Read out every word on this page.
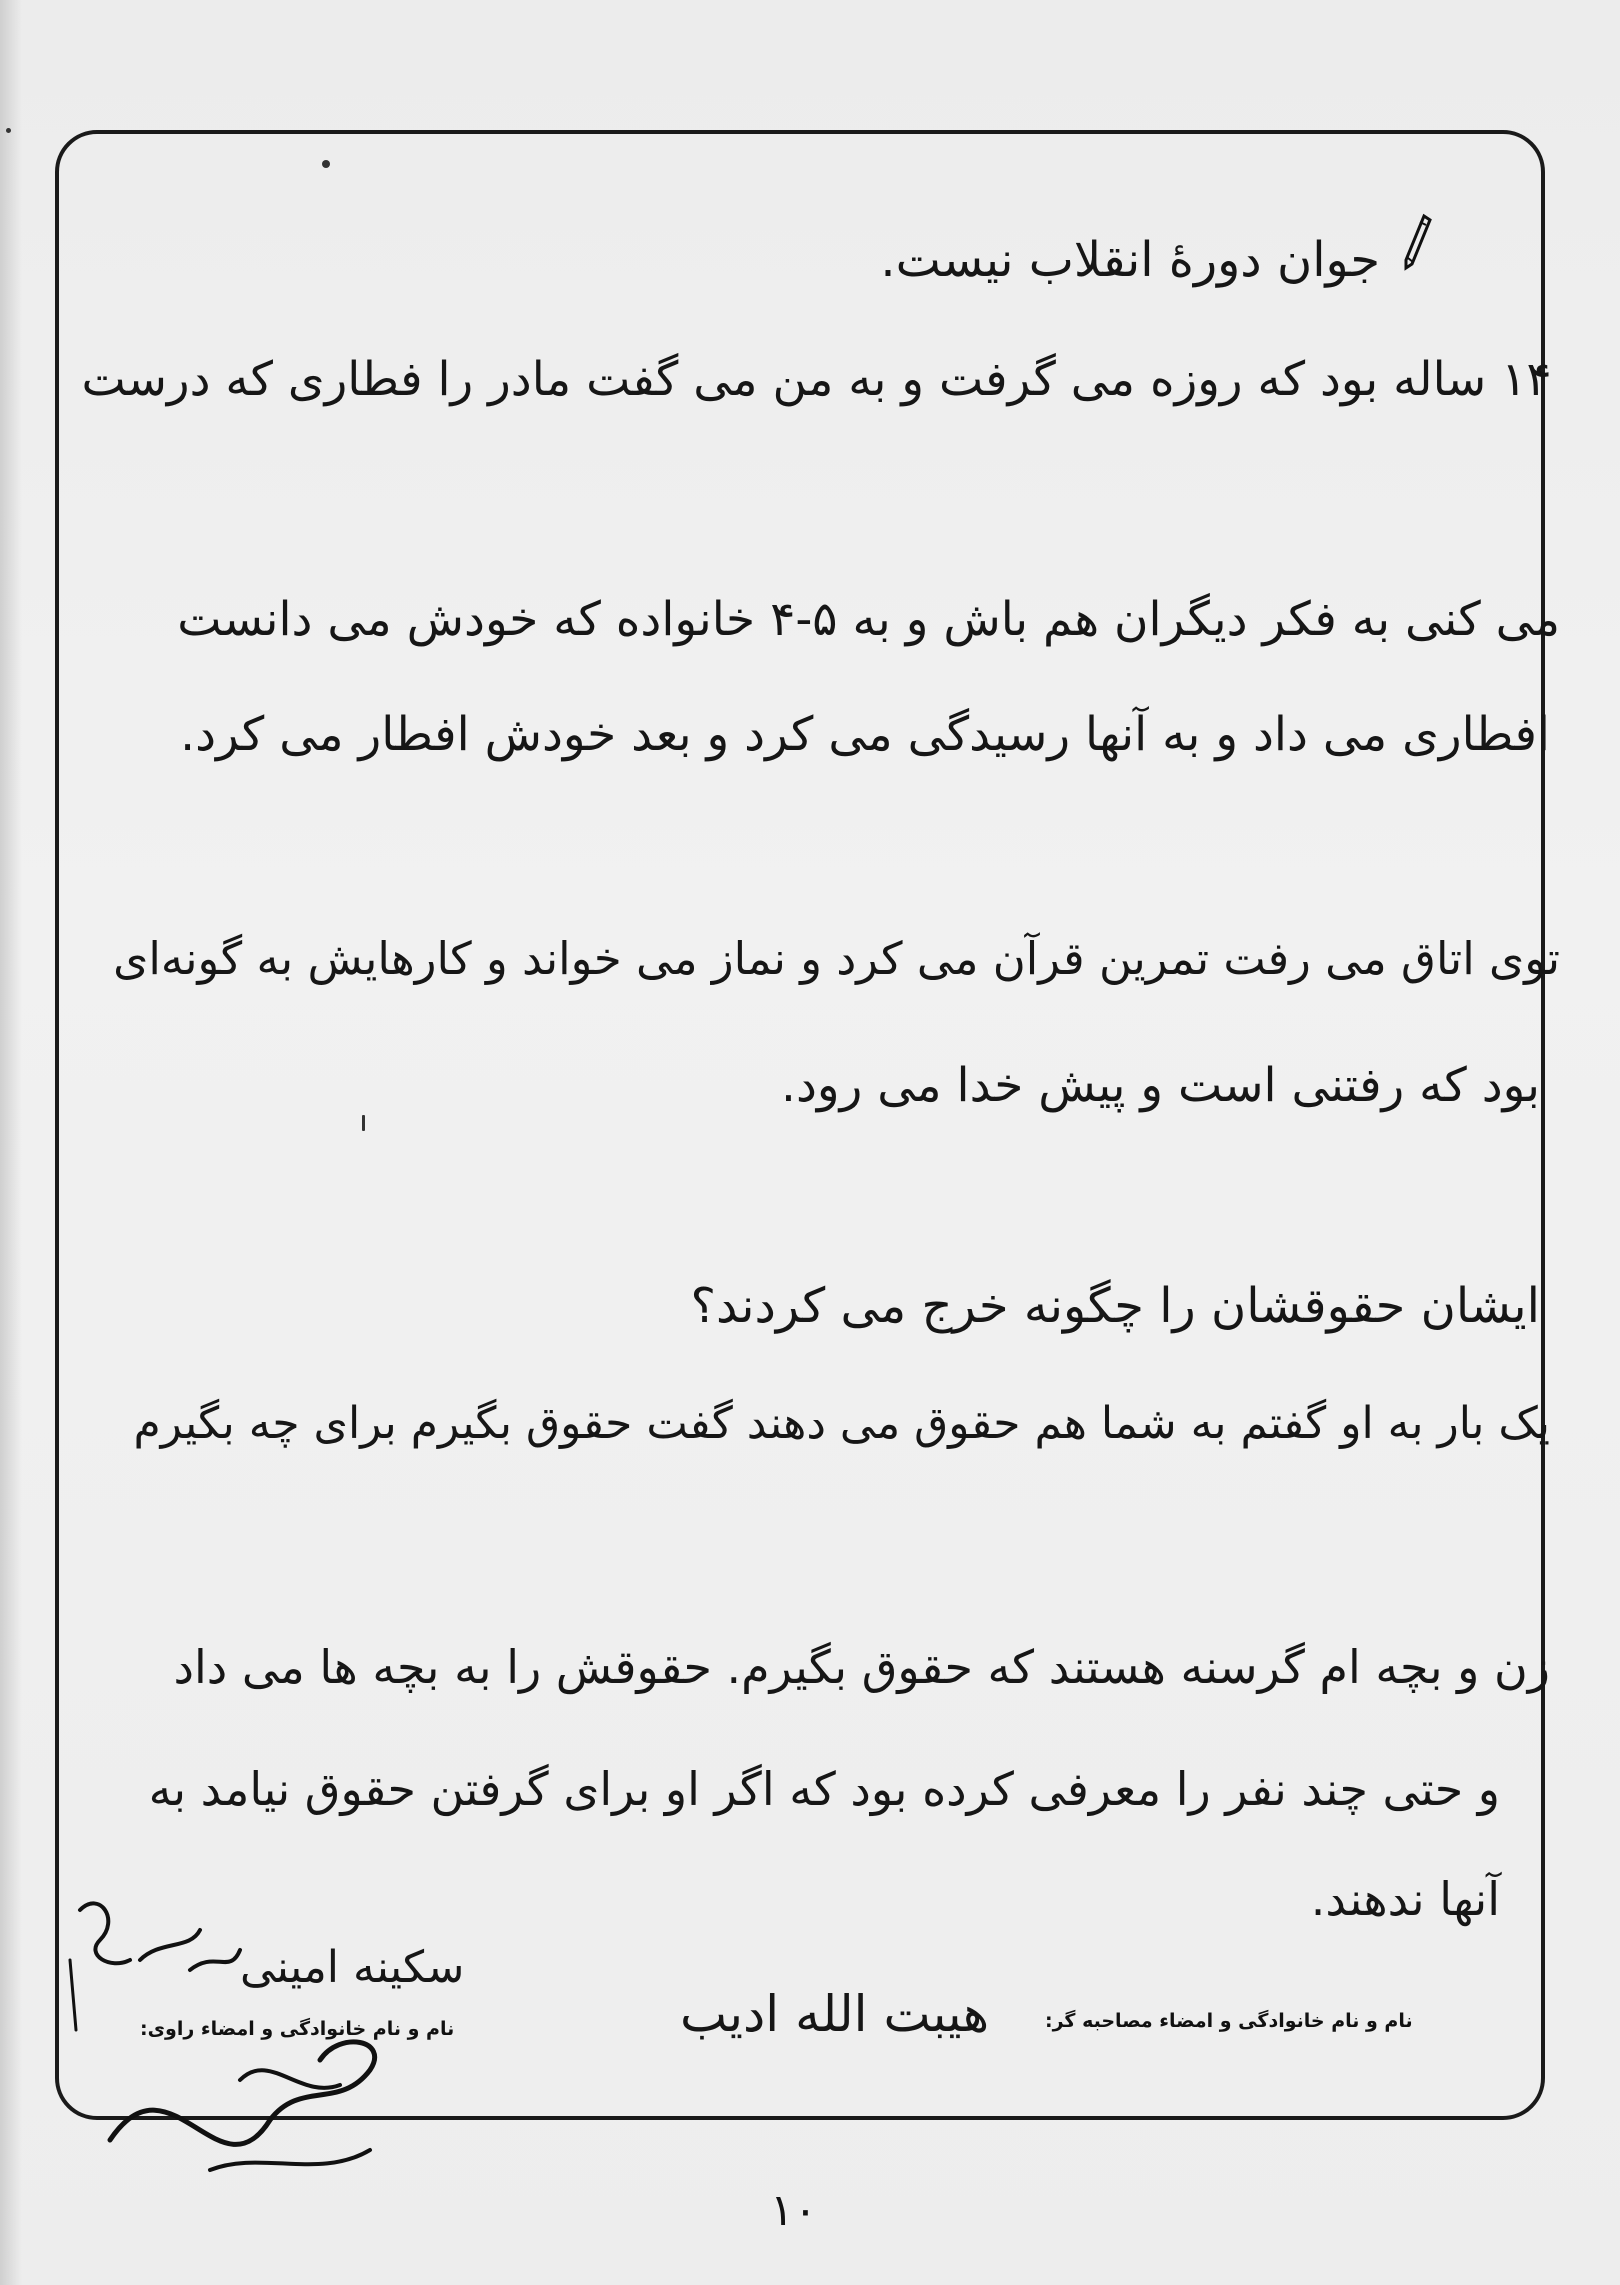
جوان دورهٔ انقلاب نیست.
۱۴ ساله بود که روزه می گرفت و به من می گفت مادر را فطاری که درست
می کنی به فکر دیگران هم باش و به ۵-۴ خانواده که خودش می دانست
افطاری می داد و به آنها رسیدگی می کرد و بعد خودش افطار می کرد.
توی اتاق می رفت تمرین قرآن می کرد و نماز می خواند و کارهایش به گونه‌ای
بود که رفتنی است و پیش خدا می رود.
ایشان حقوقشان را چگونه خرج می کردند؟
یک بار به او گفتم به شما هم حقوق می دهند گفت حقوق بگیرم برای چه بگیرم
زن و بچه ام گرسنه هستند که حقوق بگیرم. حقوقش را به بچه ها می داد
و حتی چند نفر را معرفی کرده بود که اگر او برای گرفتن حقوق نیامد به
آنها ندهند.
سکینه امینی
نام و نام خانوادگی و امضاء راوی:	نام و نام خانوادگی و امضاء مصاحبه گر:
هیبت الله ادیب
۱۰
